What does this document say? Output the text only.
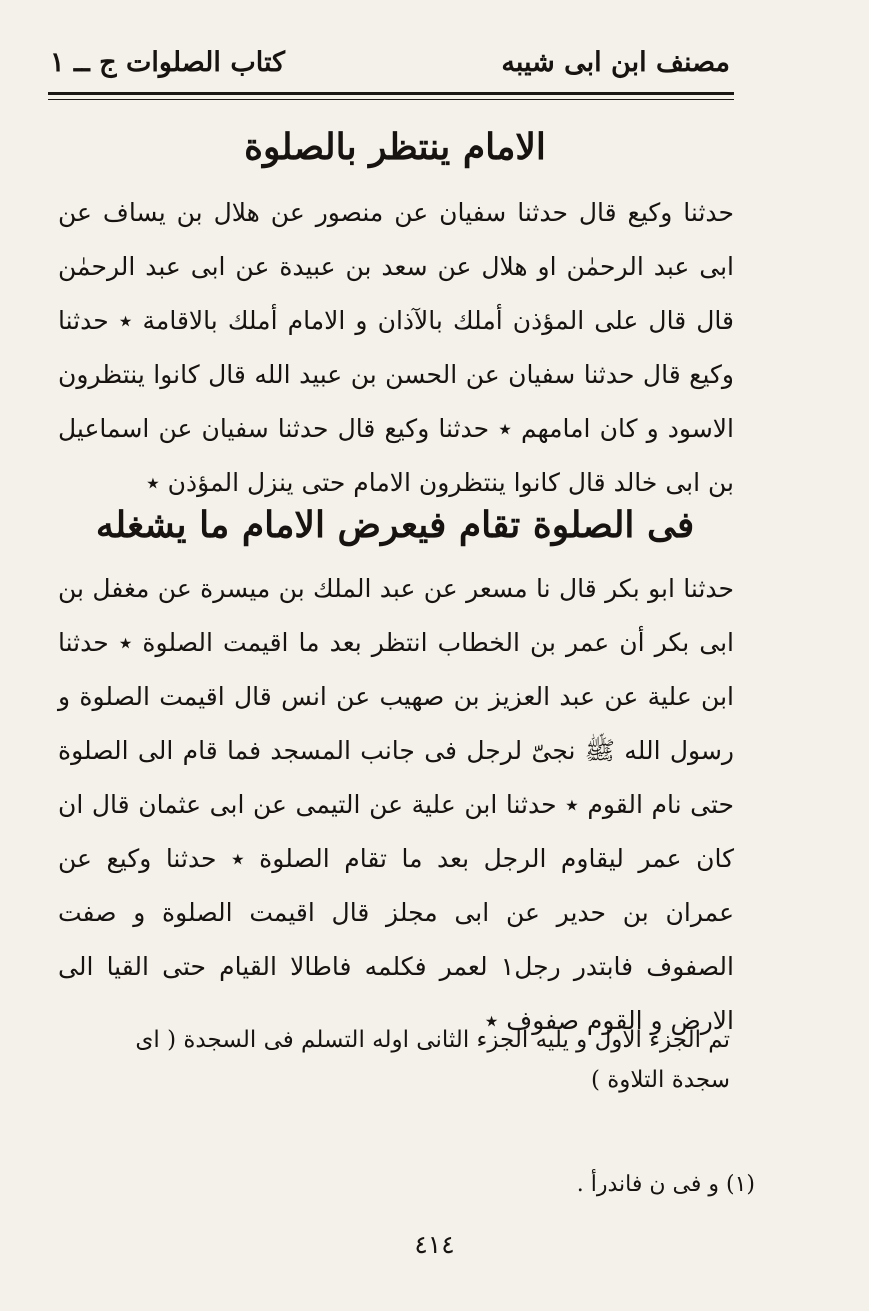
مصنف ابن ابى شيبه
كتاب الصلوات ج ــ ١
الامام ينتظر بالصلوة
حدثنا وكيع قال حدثنا سفيان عن منصور عن هلال بن يساف عن ابى عبد الرحمٰن او هلال عن سعد بن عبيدة عن ابى عبد الرحمٰن قال قال على المؤذن أملك بالآذان و الامام أملك بالاقامة ٭ حدثنا وكيع قال حدثنا سفيان عن الحسن بن عبيد الله قال كانوا ينتظرون الاسود و كان امامهم ٭ حدثنا وكيع قال حدثنا سفيان عن اسماعيل بن ابى خالد قال كانوا ينتظرون الامام حتى ينزل المؤذن ٭
فى الصلوة تقام فيعرض الامام ما يشغله
حدثنا ابو بكر قال نا مسعر عن عبد الملك بن ميسرة عن مغفل بن ابى بكر أن عمر بن الخطاب انتظر بعد ما اقيمت الصلوة ٭ حدثنا ابن علية عن عبد العزيز بن صهيب عن انس قال اقيمت الصلوة و رسول الله ﷺ نجىّ لرجل فى جانب المسجد فما قام الى الصلوة حتى نام القوم ٭ حدثنا ابن علية عن التيمى عن ابى عثمان قال ان كان عمر ليقاوم الرجل بعد ما تقام الصلوة ٭ حدثنا وكيع عن عمران بن حدير عن ابى مجلز قال اقيمت الصلوة و صفت الصفوف فابتدر رجل١ لعمر فكلمه فاطالا القيام حتى القيا الى الارض و القوم صفوف ٭
تم الجزء الاول و يليه الجزء الثانى اوله التسلم فى السجدة ( اى سجدة التلاوة )
(١) و فى ن فاندرأ .
٤١٤
